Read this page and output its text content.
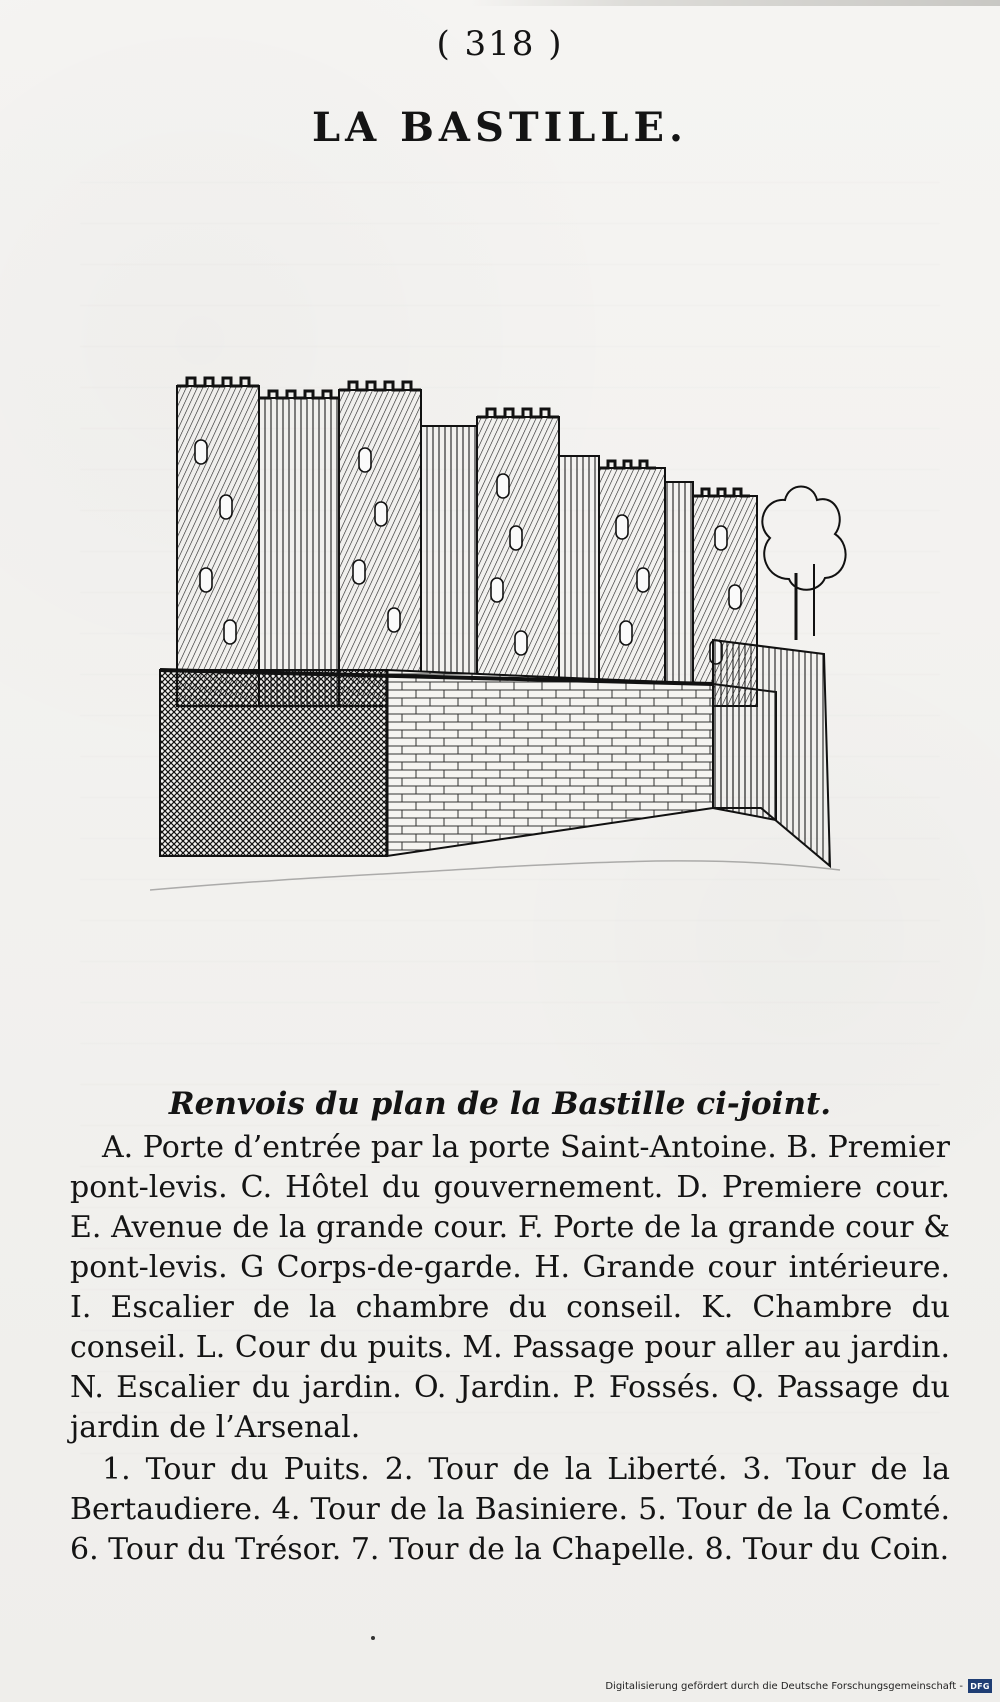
( 318 )
LA BASTILLE.
Renvois du plan de la Bastille ci-joint.

A. Porte d’entrée par la porte Saint-Antoine. B. Premier pont-levis. C. Hôtel du gouvernement. D. Premiere cour. E. Avenue de la grande cour. F. Porte de la grande cour & pont-levis. G Corps-de-garde. H. Grande cour intérieure. I. Escalier de la chambre du conseil. K. Chambre du conseil. L. Cour du puits. M. Passage pour aller au jardin. N. Escalier du jardin. O. Jardin. P. Fossés. Q. Passage du jardin de l’Arsenal.

1. Tour du Puits. 2. Tour de la Liberté. 3. Tour de la Bertaudiere. 4. Tour de la Basiniere. 5. Tour de la Comté. 6. Tour du Trésor. 7. Tour de la Chapelle. 8. Tour du Coin.

Digitalisierung gefördert durch die Deutsche Forschungsgemeinschaft - DFG
